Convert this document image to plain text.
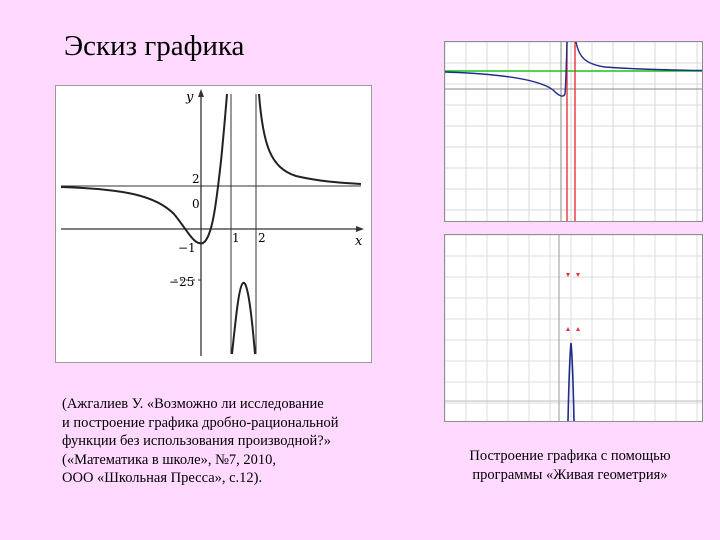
Эскиз графика
y
x
2
0
1 2
−1
−25
(Ажгалиев У. «Возможно ли исследование
и построение графика дробно-рациональной
функции без использования производной?»
(«Математика в школе», №7, 2010,
ООО «Школьная Пресса», с.12).
Построение графика с помощью
программы «Живая геометрия»
